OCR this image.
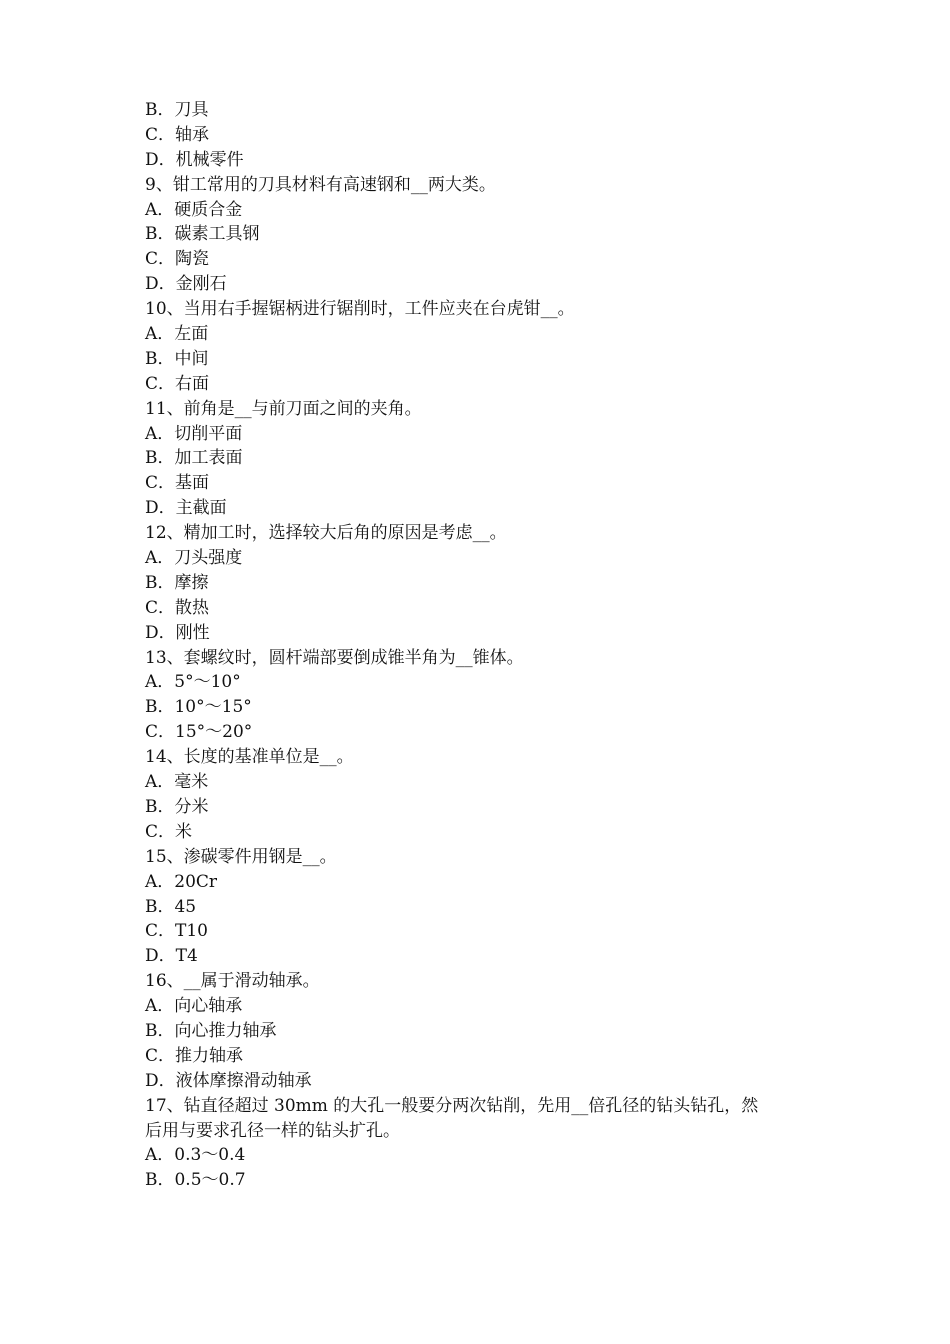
B．刀具

C．轴承

D．机械零件

9、钳工常用的刀具材料有高速钢和__两大类。

A．硬质合金

B．碳素工具钢

C．陶瓷

D．金刚石

10、当用右手握锯柄进行锯削时，工件应夹在台虎钳__。

A．左面

B．中间

C．右面

11、前角是__与前刀面之间的夹角。

A．切削平面

B．加工表面

C．基面

D．主截面

12、精加工时，选择较大后角的原因是考虑__。

A．刀头强度

B．摩擦

C．散热

D．刚性

13、套螺纹时，圆杆端部要倒成锥半角为__锥体。

A．5°～10°

B．10°～15°

C．15°～20°

14、长度的基准单位是__。

A．毫米

B．分米

C．米

15、渗碳零件用钢是__。

A．20Cr

B．45

C．T10

D．T4

16、__属于滑动轴承。

A．向心轴承

B．向心推力轴承

C．推力轴承

D．液体摩擦滑动轴承

17、钻直径超过 30mm 的大孔一般要分两次钻削，先用__倍孔径的钻头钻孔，然

后用与要求孔径一样的钻头扩孔。

A．0.3～0.4

B．0.5～0.7
